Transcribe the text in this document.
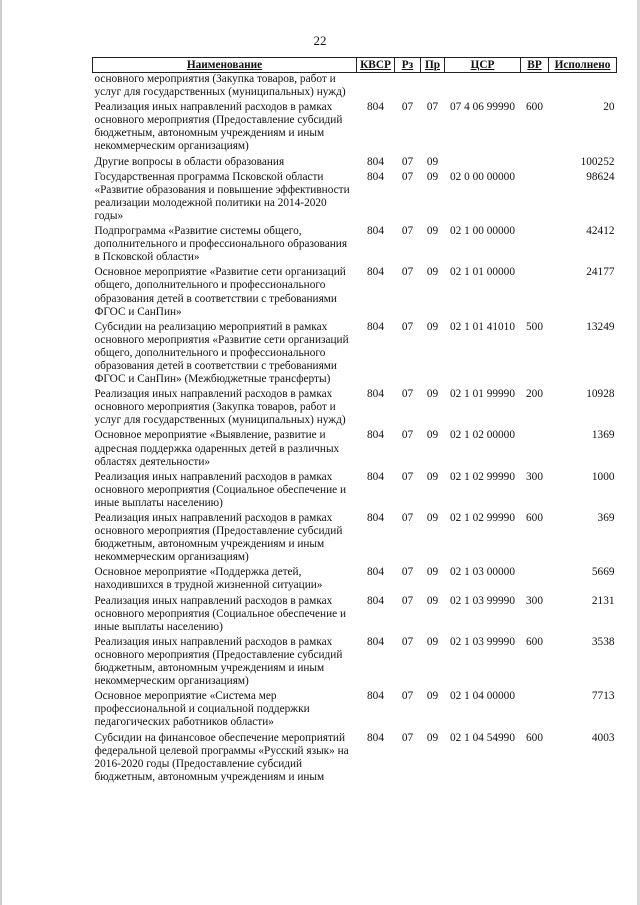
22
Наименование	КВСР	Рз	Пр	ЦСР	ВР	Исполнено
основного мероприятия (Закупка товаров, работ и услуг для государственных (муниципальных) нужд)						
Реализация иных направлений расходов в рамках основного мероприятия (Предоставление субсидий бюджетным, автономным учреждениям и иным некоммерческим организациям)	804	07	07	07 4 06 99990	600	20
Другие вопросы в области образования	804	07	09			100252
Государственная программа Псковской области «Развитие образования и повышение эффективности реализации молодежной политики на 2014-2020 годы»	804	07	09	02 0 00 00000		98624
Подпрограмма «Развитие системы общего, дополнительного и профессионального образования в Псковской области»	804	07	09	02 1 00 00000		42412
Основное мероприятие «Развитие сети организаций общего, дополнительного и профессионального образования детей в соответствии с требованиями ФГОС и СанПин»	804	07	09	02 1 01 00000		24177
Субсидии на реализацию мероприятий в рамках основного мероприятия «Развитие сети организаций общего, дополнительного и профессионального образования детей в соответствии с требованиями ФГОС и СанПин» (Межбюджетные трансферты)	804	07	09	02 1 01 41010	500	13249
Реализация иных направлений расходов в рамках основного мероприятия (Закупка товаров, работ и услуг для государственных (муниципальных) нужд)	804	07	09	02 1 01 99990	200	10928
Основное мероприятие «Выявление, развитие и адресная поддержка одаренных детей в различных областях деятельности»	804	07	09	02 1 02 00000		1369
Реализация иных направлений расходов в рамках основного мероприятия (Социальное обеспечение и иные выплаты населению)	804	07	09	02 1 02 99990	300	1000
Реализация иных направлений расходов в рамках основного мероприятия (Предоставление субсидий бюджетным, автономным учреждениям и иным некоммерческим организациям)	804	07	09	02 1 02 99990	600	369
Основное мероприятие «Поддержка детей, находившихся в трудной жизненной ситуации»	804	07	09	02 1 03 00000		5669
Реализация иных направлений расходов в рамках основного мероприятия (Социальное обеспечение и иные выплаты населению)	804	07	09	02 1 03 99990	300	2131
Реализация иных направлений расходов в рамках основного мероприятия (Предоставление субсидий бюджетным, автономным учреждениям и иным некоммерческим организациям)	804	07	09	02 1 03 99990	600	3538
Основное мероприятие «Система мер профессиональной и социальной поддержки педагогических работников области»	804	07	09	02 1 04 00000		7713
Субсидии на финансовое обеспечение мероприятий федеральной целевой программы «Русский язык» на 2016-2020 годы (Предоставление субсидий бюджетным, автономным учреждениям и иным	804	07	09	02 1 04 54990	600	4003
